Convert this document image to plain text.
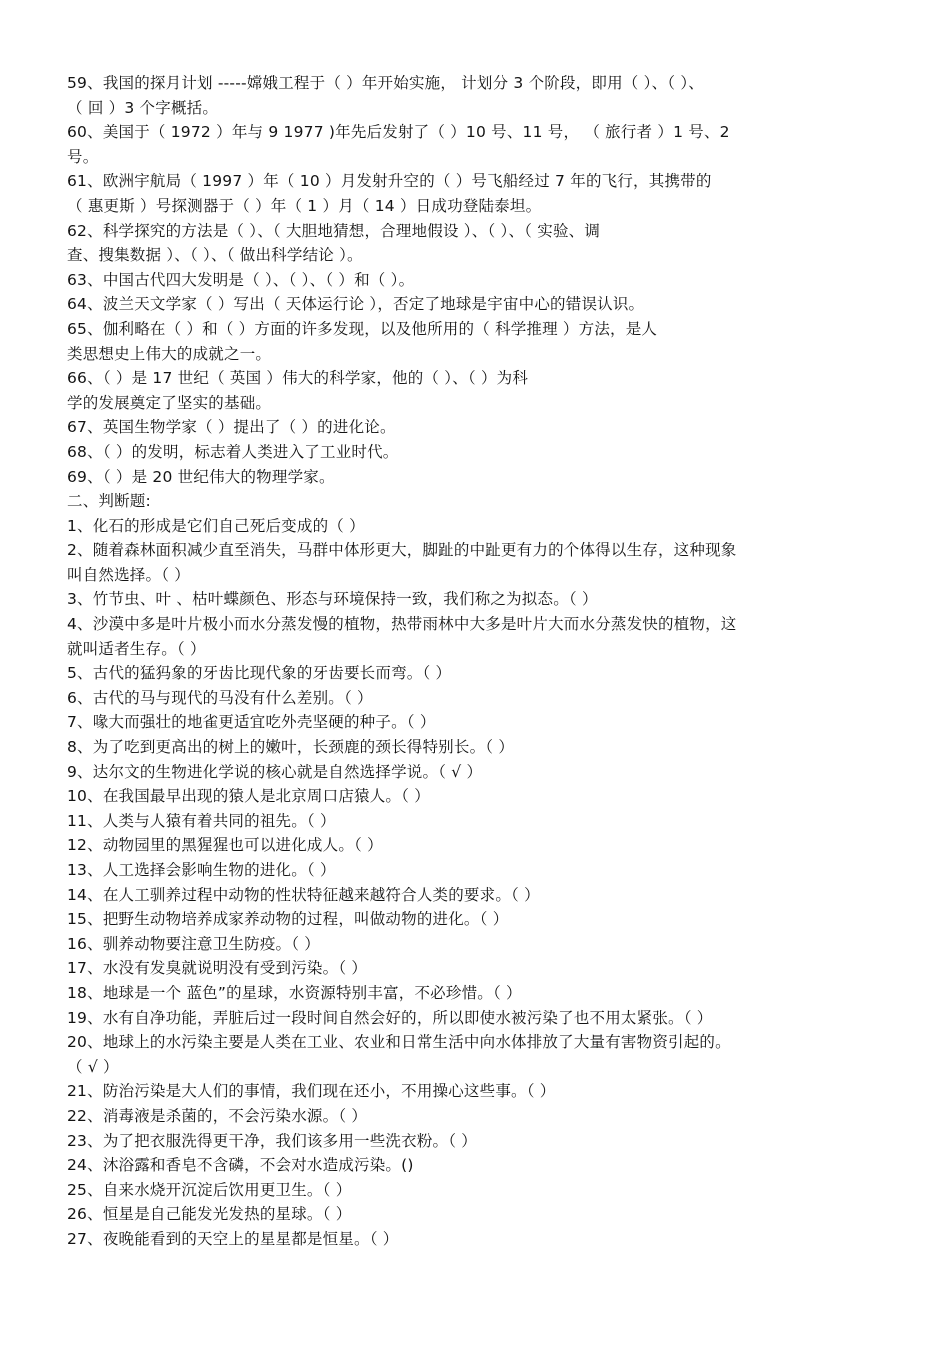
59、我国的探月计划 -----嫦娥工程于（ ）年开始实施， 计划分 3 个阶段，即用（ ）、（ ）、
（ 回 ）3 个字概括。
60、美国于（ 1972 ）年与 9 1977 )年先后发射了（ ）10 号、11 号， （ 旅行者 ）1 号、2
号。
61、欧洲宇航局（ 1997 ）年（ 10 ）月发射升空的（ ）号飞船经过 7 年的飞行，其携带的
（ 惠更斯 ）号探测器于（ ）年（ 1 ）月（ 14 ）日成功登陆泰坦。
62、科学探究的方法是（ ）、（ 大胆地猜想，合理地假设 ）、（ ）、（ 实验、调
查、搜集数据 ）、（ ）、（ 做出科学结论 ）。
63、中国古代四大发明是（ ）、（ ）、（ ）和（ ）。
64、波兰天文学家（ ）写出（ 天体运行论 ），否定了地球是宇宙中心的错误认识。
65、伽利略在（ ）和（ ）方面的许多发现，以及他所用的（ 科学推理 ）方法，是人
类思想史上伟大的成就之一。
66、（ ）是 17 世纪（ 英国 ）伟大的科学家，他的（ ）、（ ）为科
学的发展奠定了坚实的基础。
67、英国生物学家（ ）提出了（ ）的进化论。
68、（ ）的发明，标志着人类进入了工业时代。
69、（ ）是 20 世纪伟大的物理学家。
二、判断题:
1、化石的形成是它们自己死后变成的（ ）
2、随着森林面积减少直至消失，马群中体形更大，脚趾的中趾更有力的个体得以生存，这种现象
叫自然选择。（ ）
3、竹节虫、叶 、枯叶蝶颜色、形态与环境保持一致，我们称之为拟态。（ ）
4、沙漠中多是叶片极小而水分蒸发慢的植物，热带雨林中大多是叶片大而水分蒸发快的植物，这
就叫适者生存。（ ）
5、古代的猛犸象的牙齿比现代象的牙齿要长而弯。（ ）
6、古代的马与现代的马没有什么差别。（ ）
7、喙大而强壮的地雀更适宜吃外壳坚硬的种子。（ ）
8、为了吃到更高出的树上的嫩叶，长颈鹿的颈长得特别长。（ ）
9、达尔文的生物进化学说的核心就是自然选择学说。（ √ ）
10、在我国最早出现的猿人是北京周口店猿人。（ ）
11、人类与人猿有着共同的祖先。（ ）
12、动物园里的黑猩猩也可以进化成人。（ ）
13、人工选择会影响生物的进化。（ ）
14、在人工驯养过程中动物的性状特征越来越符合人类的要求。（ ）
15、把野生动物培养成家养动物的过程，叫做动物的进化。（ ）
16、驯养动物要注意卫生防疫。（ ）
17、水没有发臭就说明没有受到污染。（ ）
18、地球是一个 蓝色”的星球，水资源特别丰富，不必珍惜。（ ）
19、水有自净功能，弄脏后过一段时间自然会好的，所以即使水被污染了也不用太紧张。（ ）
20、地球上的水污染主要是人类在工业、农业和日常生活中向水体排放了大量有害物资引起的。
（ √ ）
21、防治污染是大人们的事情，我们现在还小，不用操心这些事。（ ）
22、消毒液是杀菌的，不会污染水源。（ ）
23、为了把衣服洗得更干净，我们该多用一些洗衣粉。（ ）
24、沐浴露和香皂不含磷，不会对水造成污染。()
25、自来水烧开沉淀后饮用更卫生。（ ）
26、恒星是自己能发光发热的星球。（ ）
27、夜晚能看到的天空上的星星都是恒星。（ ）
